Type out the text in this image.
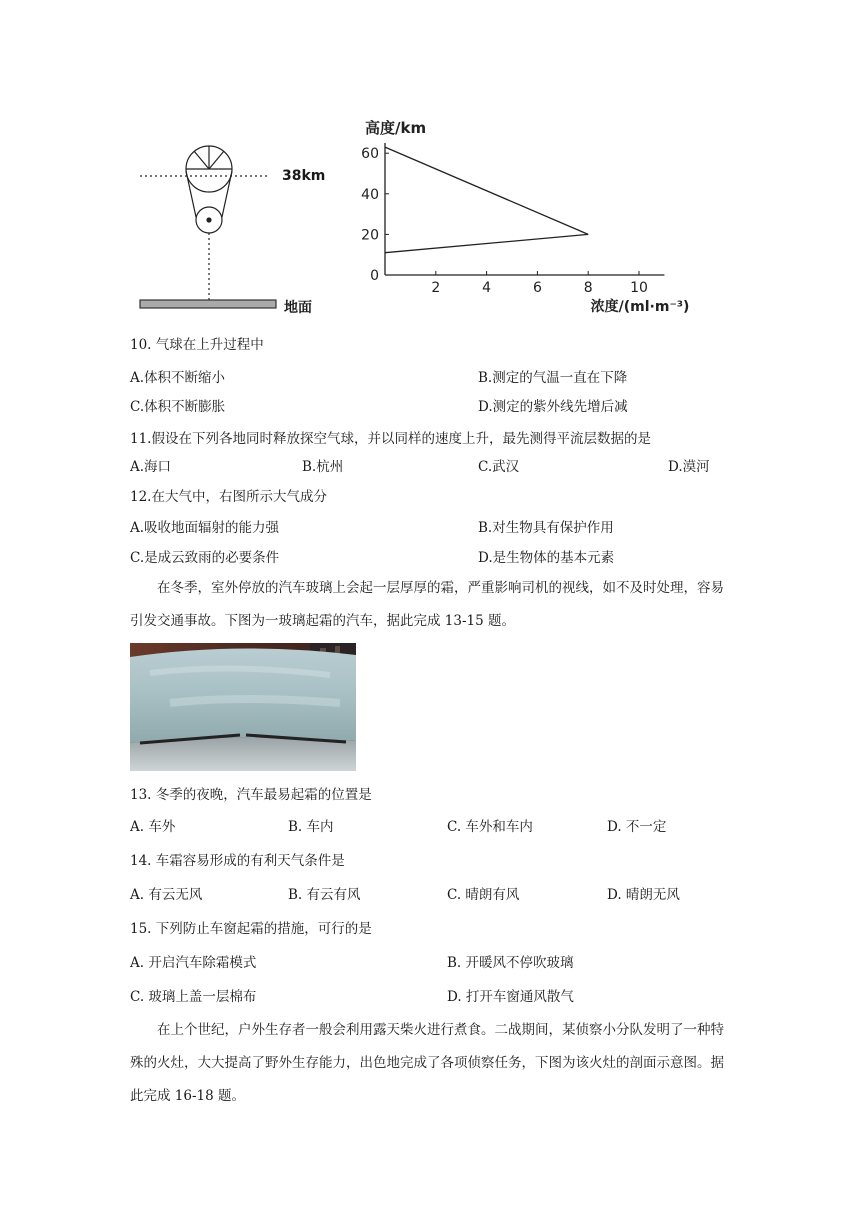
38km
地面
0
20
40
60
2	4	6	8	10
高度/km
浓度/(ml·m⁻³)
10. 气球在上升过程中
A.体积不断缩小	B.测定的气温一直在下降
C.体积不断膨胀	D.测定的紫外线先增后减
11.假设在下列各地同时释放探空气球，并以同样的速度上升，最先测得平流层数据的是
A.海口	B.杭州	C.武汉	D.漠河
12.在大气中，右图所示大气成分
A.吸收地面辐射的能力强	B.对生物具有保护作用
C.是成云致雨的必要条件	D.是生物体的基本元素
在冬季，室外停放的汽车玻璃上会起一层厚厚的霜，严重影响司机的视线，如不及时处理，容易引发交通事故。下图为一玻璃起霜的汽车，据此完成 13-15 题。
13. 冬季的夜晚，汽车最易起霜的位置是
A. 车外	B. 车内	C. 车外和车内	D. 不一定
14. 车霜容易形成的有利天气条件是
A. 有云无风	B. 有云有风	C. 晴朗有风	D. 晴朗无风
15. 下列防止车窗起霜的措施，可行的是
A. 开启汽车除霜模式	B. 开暖风不停吹玻璃
C. 玻璃上盖一层棉布	D. 打开车窗通风散气
在上个世纪，户外生存者一般会利用露天柴火进行煮食。二战期间，某侦察小分队发明了一种特殊的火灶，大大提高了野外生存能力，出色地完成了各项侦察任务，下图为该火灶的剖面示意图。据此完成 16-18 题。
